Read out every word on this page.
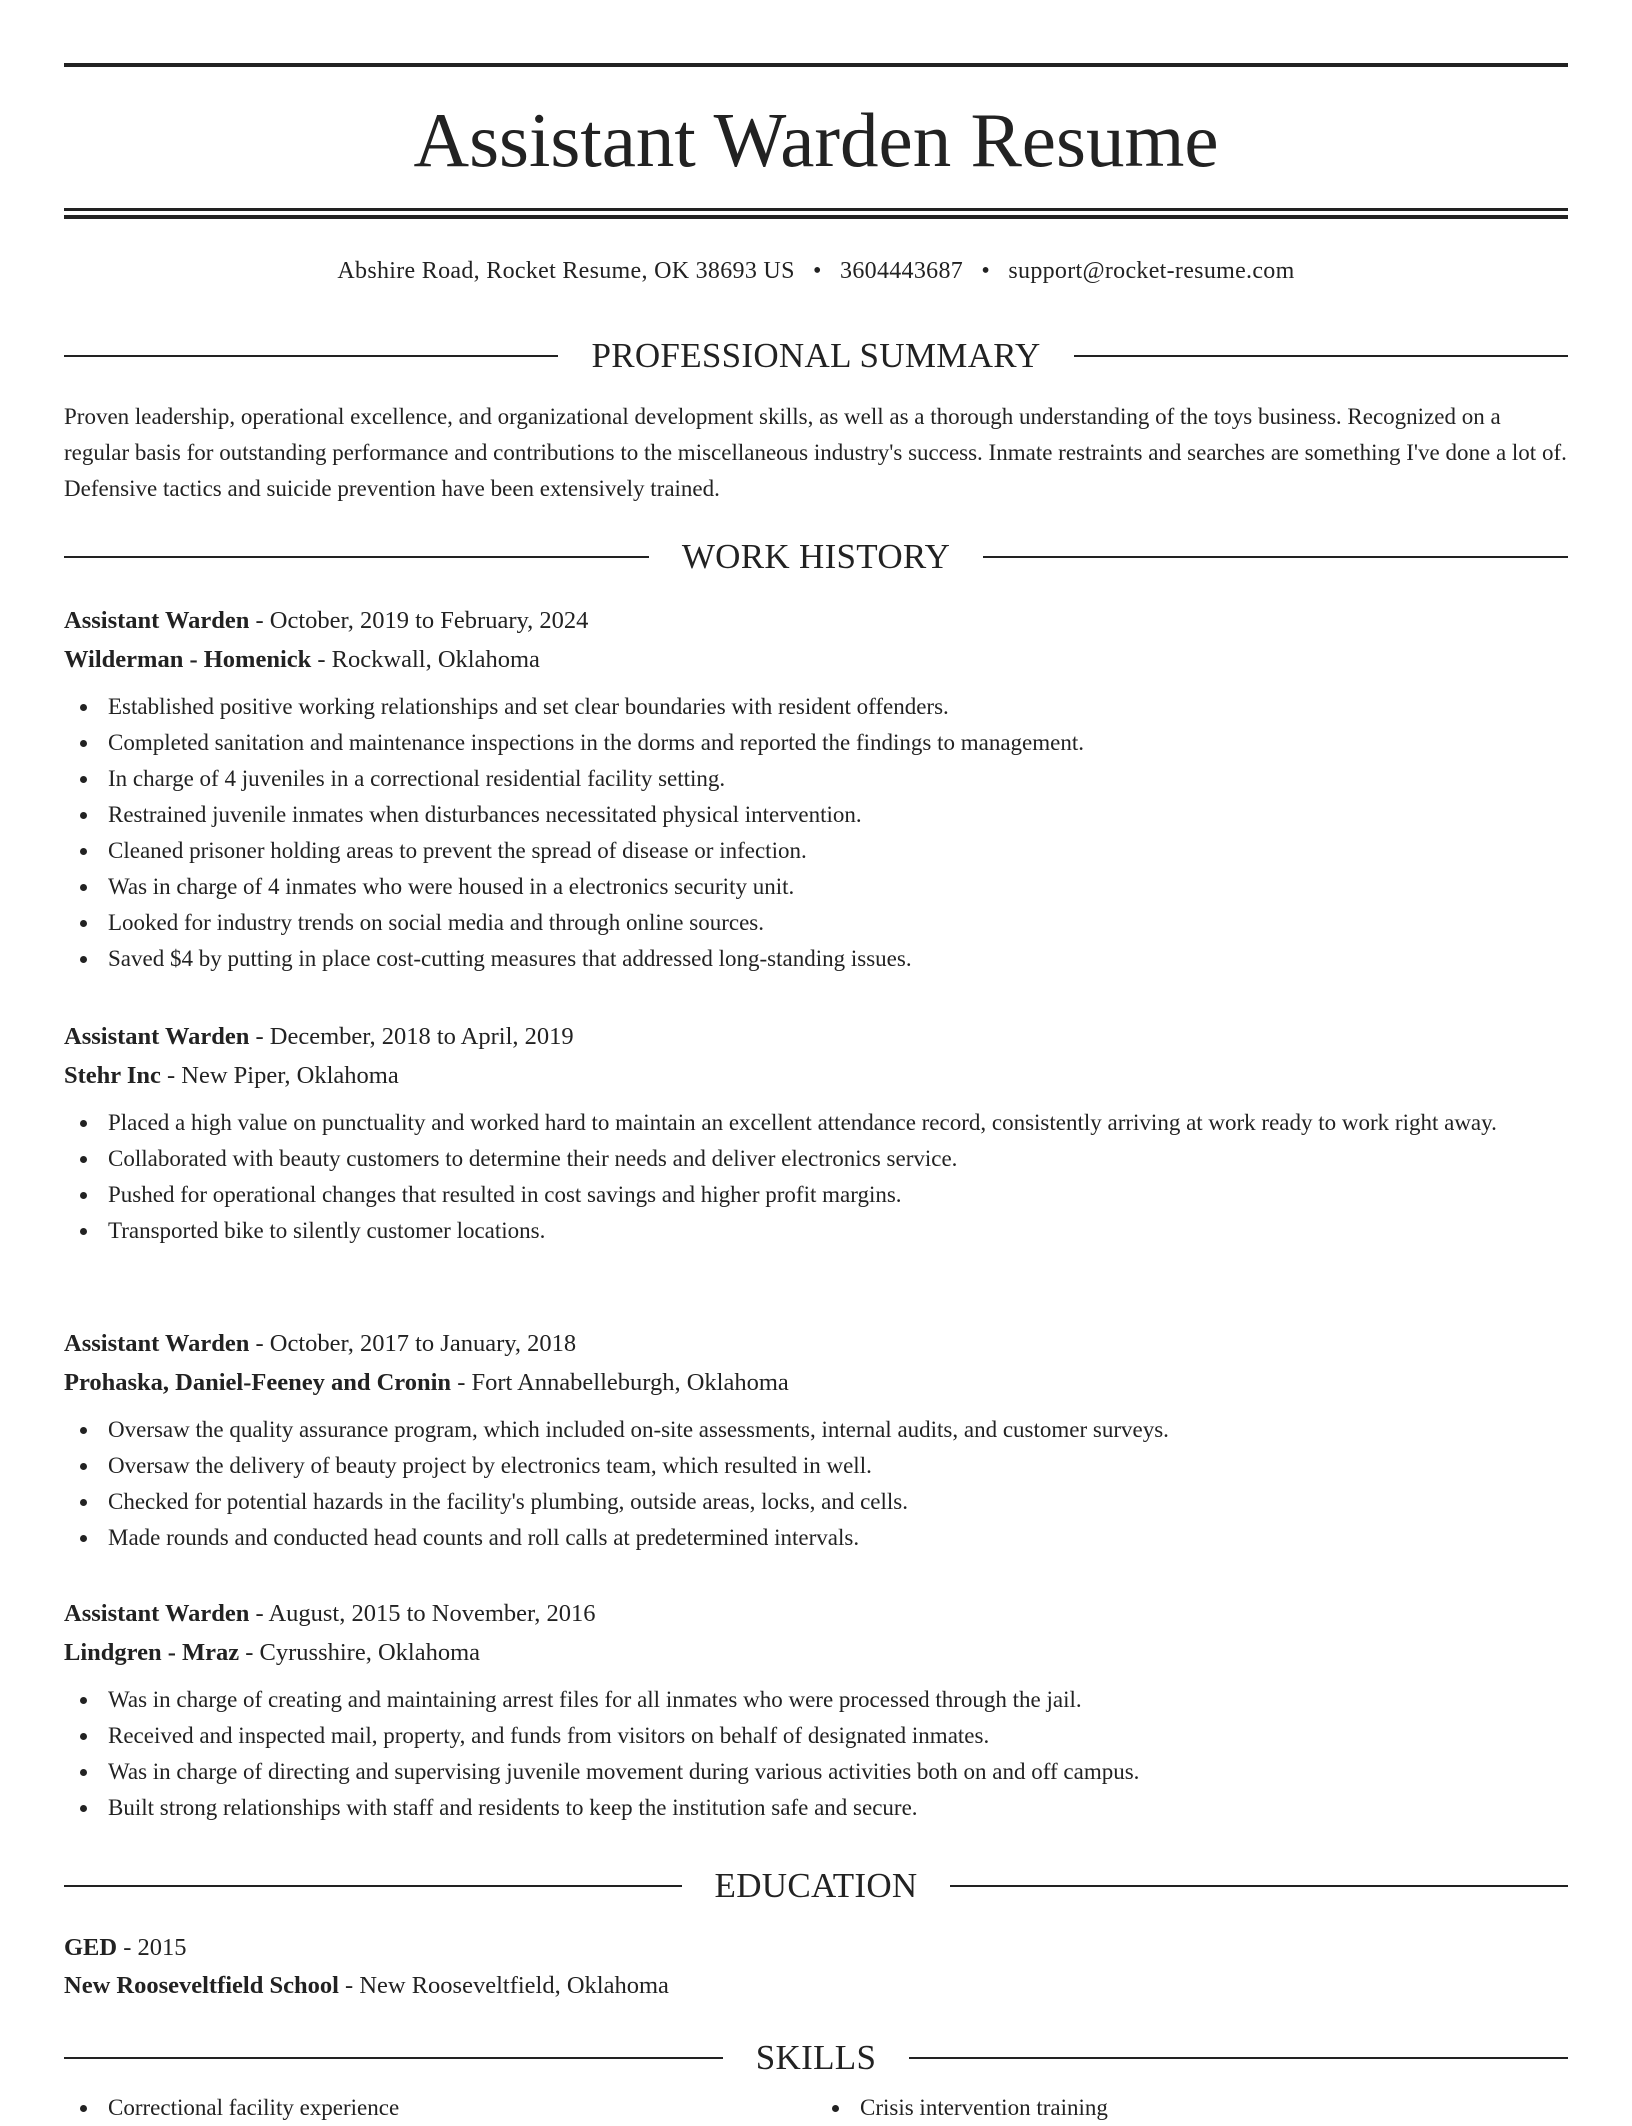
Assistant Warden Resume
Abshire Road, Rocket Resume, OK 38693 US • 3604443687 • support@rocket-resume.com
PROFESSIONAL SUMMARY

Proven leadership, operational excellence, and organizational development skills, as well as a thorough understanding of the toys business. Recognized on a regular basis for outstanding performance and contributions to the miscellaneous industry's success. Inmate restraints and searches are something I've done a lot of. Defensive tactics and suicide prevention have been extensively trained.

WORK HISTORY
Assistant Warden - October, 2019 to February, 2024
Wilderman - Homenick - Rockwall, Oklahoma
Established positive working relationships and set clear boundaries with resident offenders.
Completed sanitation and maintenance inspections in the dorms and reported the findings to management.
In charge of 4 juveniles in a correctional residential facility setting.
Restrained juvenile inmates when disturbances necessitated physical intervention.
Cleaned prisoner holding areas to prevent the spread of disease or infection.
Was in charge of 4 inmates who were housed in a electronics security unit.
Looked for industry trends on social media and through online sources.
Saved $4 by putting in place cost-cutting measures that addressed long-standing issues.
Assistant Warden - December, 2018 to April, 2019
Stehr Inc - New Piper, Oklahoma
Placed a high value on punctuality and worked hard to maintain an excellent attendance record, consistently arriving at work ready to work right away.
Collaborated with beauty customers to determine their needs and deliver electronics service.
Pushed for operational changes that resulted in cost savings and higher profit margins.
Transported bike to silently customer locations.
Assistant Warden - October, 2017 to January, 2018
Prohaska, Daniel-Feeney and Cronin - Fort Annabelleburgh, Oklahoma
Oversaw the quality assurance program, which included on-site assessments, internal audits, and customer surveys.
Oversaw the delivery of beauty project by electronics team, which resulted in well.
Checked for potential hazards in the facility's plumbing, outside areas, locks, and cells.
Made rounds and conducted head counts and roll calls at predetermined intervals.
Assistant Warden - August, 2015 to November, 2016
Lindgren - Mraz - Cyrusshire, Oklahoma
Was in charge of creating and maintaining arrest files for all inmates who were processed through the jail.
Received and inspected mail, property, and funds from visitors on behalf of designated inmates.
Was in charge of directing and supervising juvenile movement during various activities both on and off campus.
Built strong relationships with staff and residents to keep the institution safe and secure.
EDUCATION
GED - 2015
New Rooseveltfield School - New Rooseveltfield, Oklahoma
SKILLS
Correctional facility experience	Crisis intervention training
